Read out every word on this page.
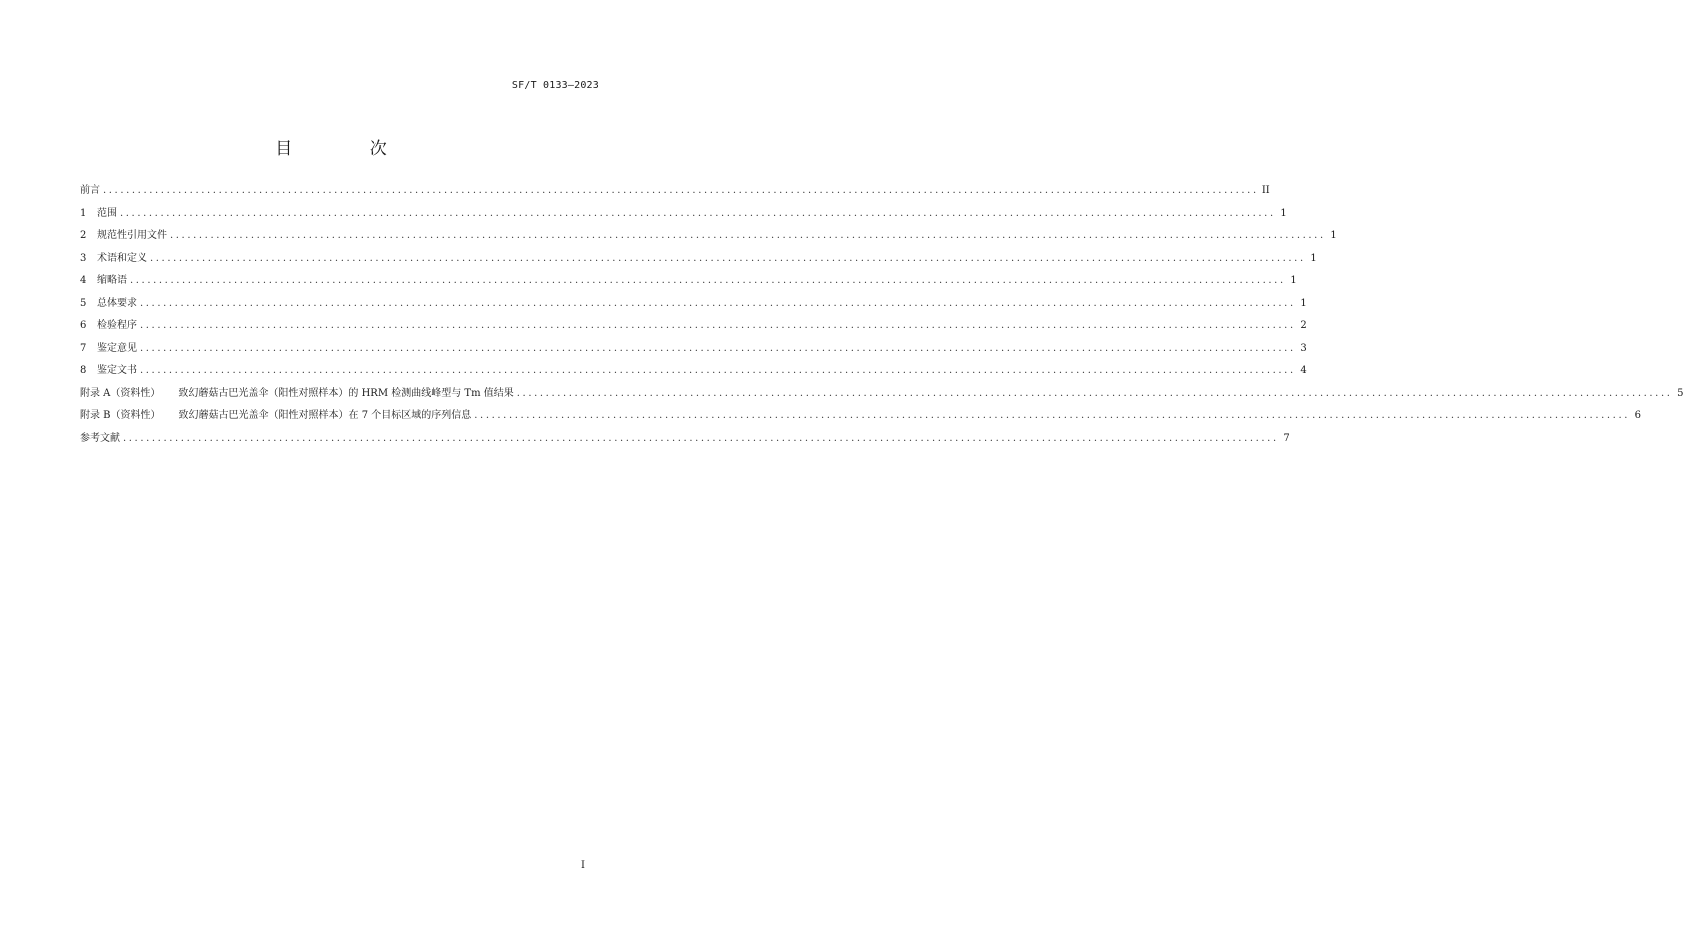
SF/T 0133—2023
目 次
前言 ........................................................................................................................................................................................................ II
1	范围 ........................................................................................................................................................................................................ 1
2	规范性引用文件 ........................................................................................................................................................................................................ 1
3	术语和定义 ........................................................................................................................................................................................................ 1
4	缩略语 ........................................................................................................................................................................................................ 1
5	总体要求 ........................................................................................................................................................................................................ 1
6	检验程序 ........................................................................................................................................................................................................ 2
7	鉴定意见 ........................................................................................................................................................................................................ 3
8	鉴定文书 ........................................................................................................................................................................................................ 4
附录 A（资料性） 致幻蘑菇古巴光盖伞（阳性对照样本）的 HRM 检测曲线峰型与 Tm 值结果 ........................................................................................................................................................................................................ 5
附录 B（资料性） 致幻蘑菇古巴光盖伞（阳性对照样本）在 7 个目标区域的序列信息 ........................................................................................................................................................................................................ 6
参考文献 ........................................................................................................................................................................................................ 7
I
